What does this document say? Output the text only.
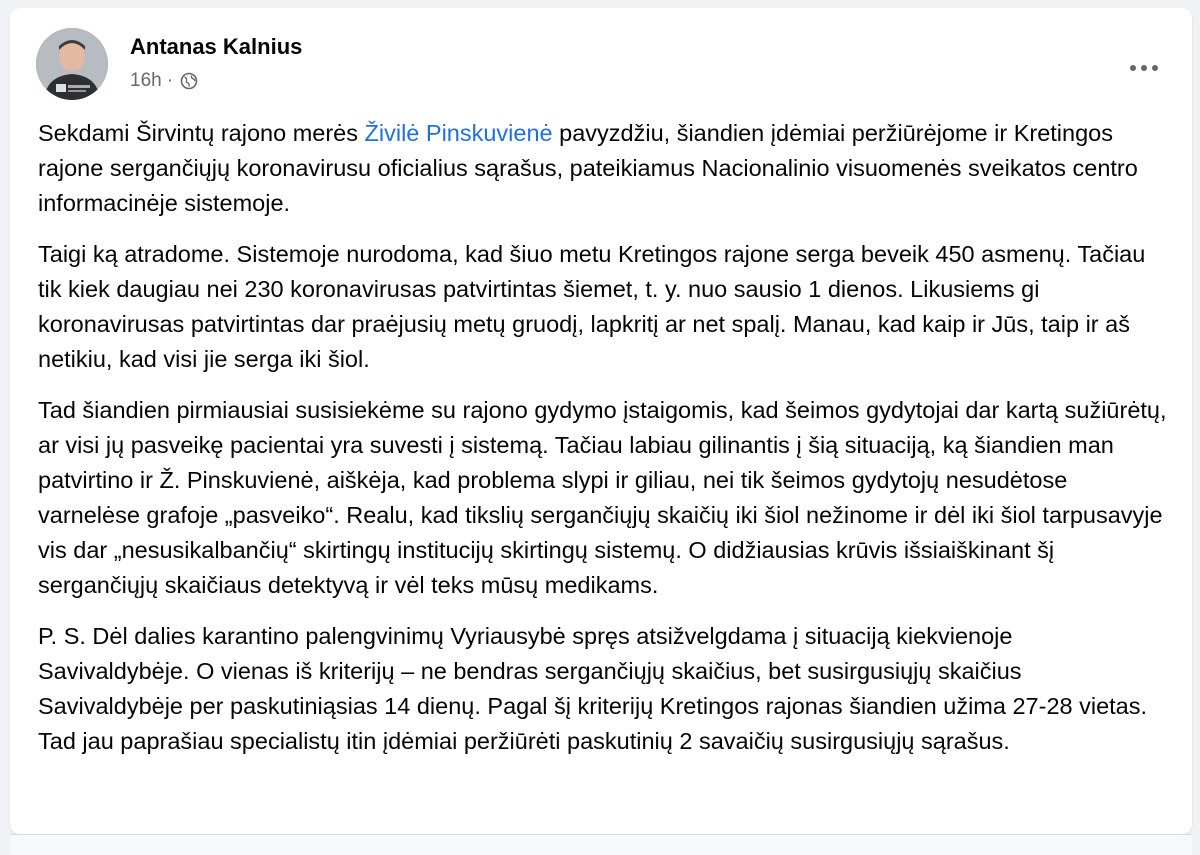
Antanas Kalnius
16h ·

Sekdami Širvintų rajono merės Živilė Pinskuvienė pavyzdžiu, šiandien įdėmiai peržiūrėjome ir Kretingos rajone sergančiųjų koronavirusu oficialius sąrašus, pateikiamus Nacionalinio visuomenės sveikatos centro informacinėje sistemoje.

Taigi ką atradome. Sistemoje nurodoma, kad šiuo metu Kretingos rajone serga beveik 450 asmenų. Tačiau tik kiek daugiau nei 230 koronavirusas patvirtintas šiemet, t. y. nuo sausio 1 dienos. Likusiems gi koronavirusas patvirtintas dar praėjusių metų gruodį, lapkritį ar net spalį. Manau, kad kaip ir Jūs, taip ir aš netikiu, kad visi jie serga iki šiol.

Tad šiandien pirmiausiai susisiekėme su rajono gydymo įstaigomis, kad šeimos gydytojai dar kartą sužiūrėtų, ar visi jų pasveikę pacientai yra suvesti į sistemą. Tačiau labiau gilinantis į šią situaciją, ką šiandien man patvirtino ir Ž. Pinskuvienė, aiškėja, kad problema slypi ir giliau, nei tik šeimos gydytojų nesudėtose varnelėse grafoje „pasveiko“. Realu, kad tikslių sergančiųjų skaičių iki šiol nežinome ir dėl iki šiol tarpusavyje vis dar „nesusikalbančių“ skirtingų institucijų skirtingų sistemų. O didžiausias krūvis išsiaiškinant šį sergančiųjų skaičiaus detektyvą ir vėl teks mūsų medikams.

P. S. Dėl dalies karantino palengvinimų Vyriausybė spręs atsižvelgdama į situaciją kiekvienoje Savivaldybėje. O vienas iš kriterijų – ne bendras sergančiųjų skaičius, bet susirgusiųjų skaičius Savivaldybėje per paskutiniąsias 14 dienų. Pagal šį kriterijų Kretingos rajonas šiandien užima 27-28 vietas. Tad jau paprašiau specialistų itin įdėmiai peržiūrėti paskutinių 2 savaičių susirgusiųjų sąrašus.
